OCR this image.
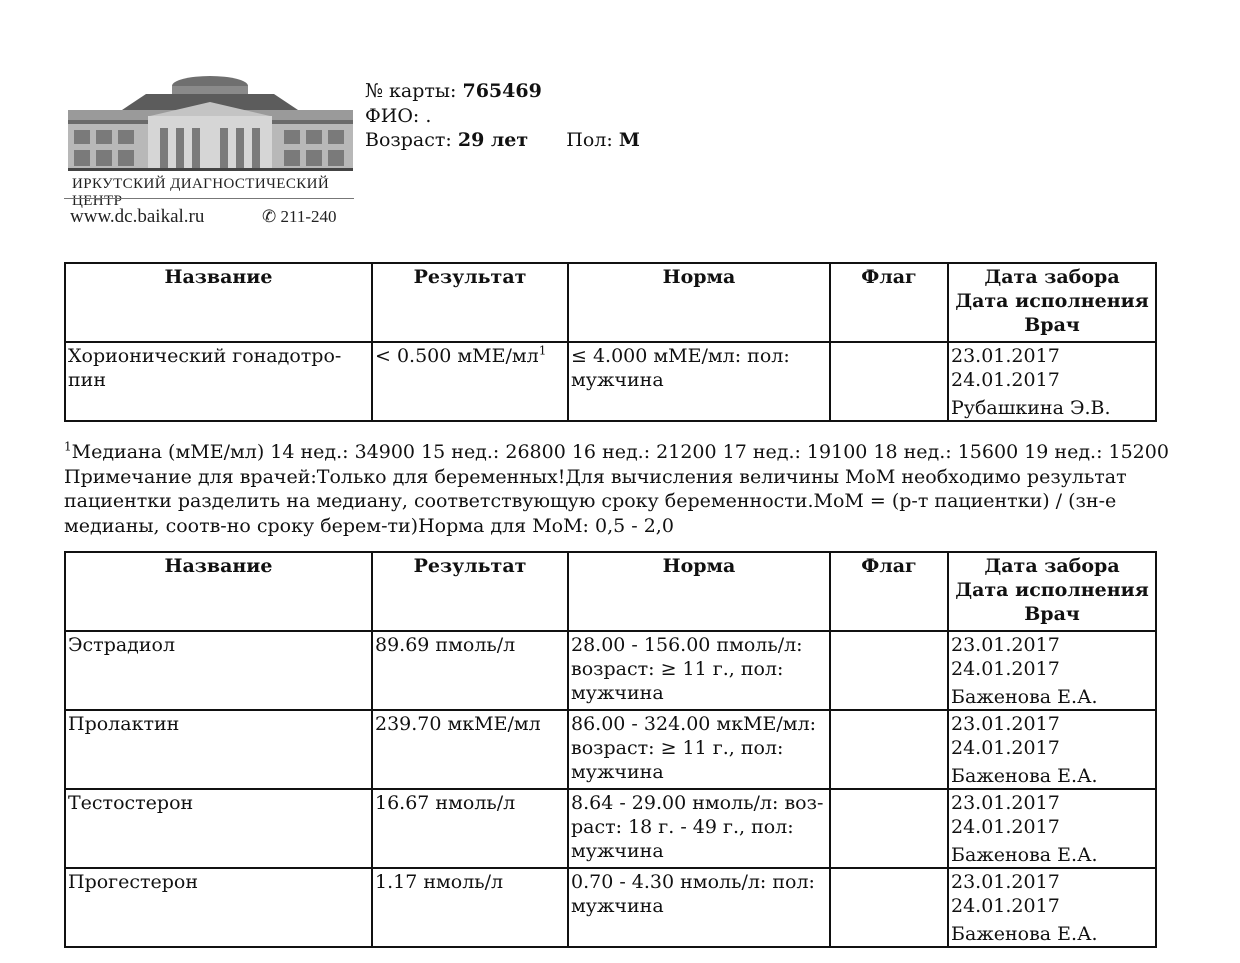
ИРКУТСКИЙ ДИАГНОСТИЧЕСКИЙ ЦЕНТР
www.dc.baikal.ru	✆ 211-240
№ карты: 765469
ФИО: .
Возраст: 29 лет Пол: М
Название	Результат	Норма	Флаг	Дата забора
Дата исполнения
Врач
Хорионический гонадотро-пин	< 0.500 мМЕ/$мл^1$	≤ 4.000 мМЕ/мл: пол: мужчина		23.01.2017
24.01.2017
Рубашкина Э.В.

$^1$Медиана (мМЕ/мл) 14 нед.: 34900 15 нед.: 26800 16 нед.: 21200 17 нед.: 19100 18 нед.: 15600 19 нед.: 15200

Примечание для врачей:Только для беременных!Для вычисления величины МоМ необходимо результат пациентки разделить на медиану, соответствующую сроку беременности.МоМ = (р-т пациентки) / (зн-е медианы, соотв-но сроку берем-ти)Норма для МоМ: 0,5 - 2,0

Название	Результат	Норма	Флаг	Дата забора
Дата исполнения
Врач
Эстрадиол	89.69 пмоль/л	28.00 - 156.00 пмоль/л: возраст: ≥ 11 г., пол: мужчина		23.01.2017
24.01.2017
Баженова Е.А.

Пролактин	239.70 мкМЕ/мл	86.00 - 324.00 мкМЕ/мл: возраст: ≥ 11 г., пол: мужчина		23.01.2017
24.01.2017
Баженова Е.А.

Тестостерон	16.67 нмоль/л	8.64 - 29.00 нмоль/л: воз-раст: 18 г. - 49 г., пол: мужчина		23.01.2017
24.01.2017
Баженова Е.А.

Прогестерон	1.17 нмоль/л	0.70 - 4.30 нмоль/л: пол: мужчина		23.01.2017
24.01.2017
Баженова Е.А.
